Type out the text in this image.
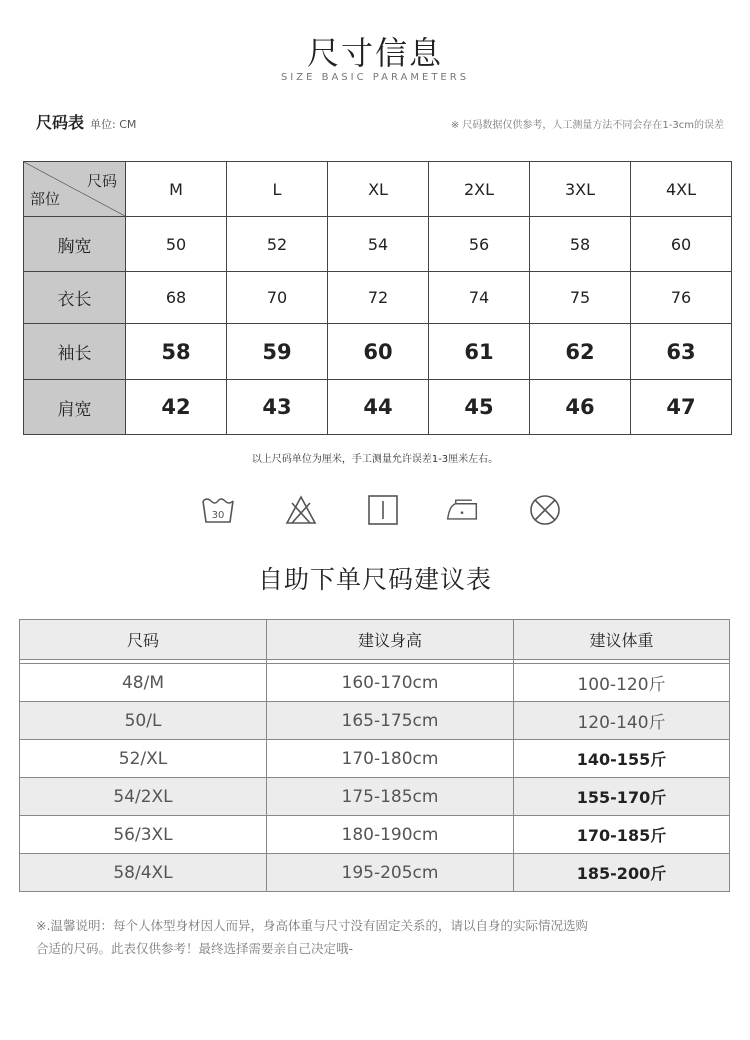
尺寸信息
SIZE BASIC PARAMETERS
尺码表 单位: CM	※ 尺码数据仅供参考，人工测量方法不同会存在1-3cm的误差
尺码
部位	M	L	XL	2XL	3XL	4XL
胸宽	50	52	54	56	58	60
衣长	68	70	72	74	75	76
袖长	58	59	60	61	62	63
肩宽	42	43	44	45	46	47
以上尺码单位为厘米，手工测量允许误差1-3厘米左右。
30
自助下单尺码建议表
尺码	建议身高	建议体重

48/M	160-170cm	100-120斤
50/L	165-175cm	120-140斤
52/XL	170-180cm	140-155斤
54/2XL	175-185cm	155-170斤
56/3XL	180-190cm	170-185斤
58/4XL	195-205cm	185-200斤
※.温馨说明：每个人体型身材因人而异，身高体重与尺寸没有固定关系的，请以自身的实际情况选购
合适的尺码。此表仅供参考！最终选择需要亲自己决定哦-
